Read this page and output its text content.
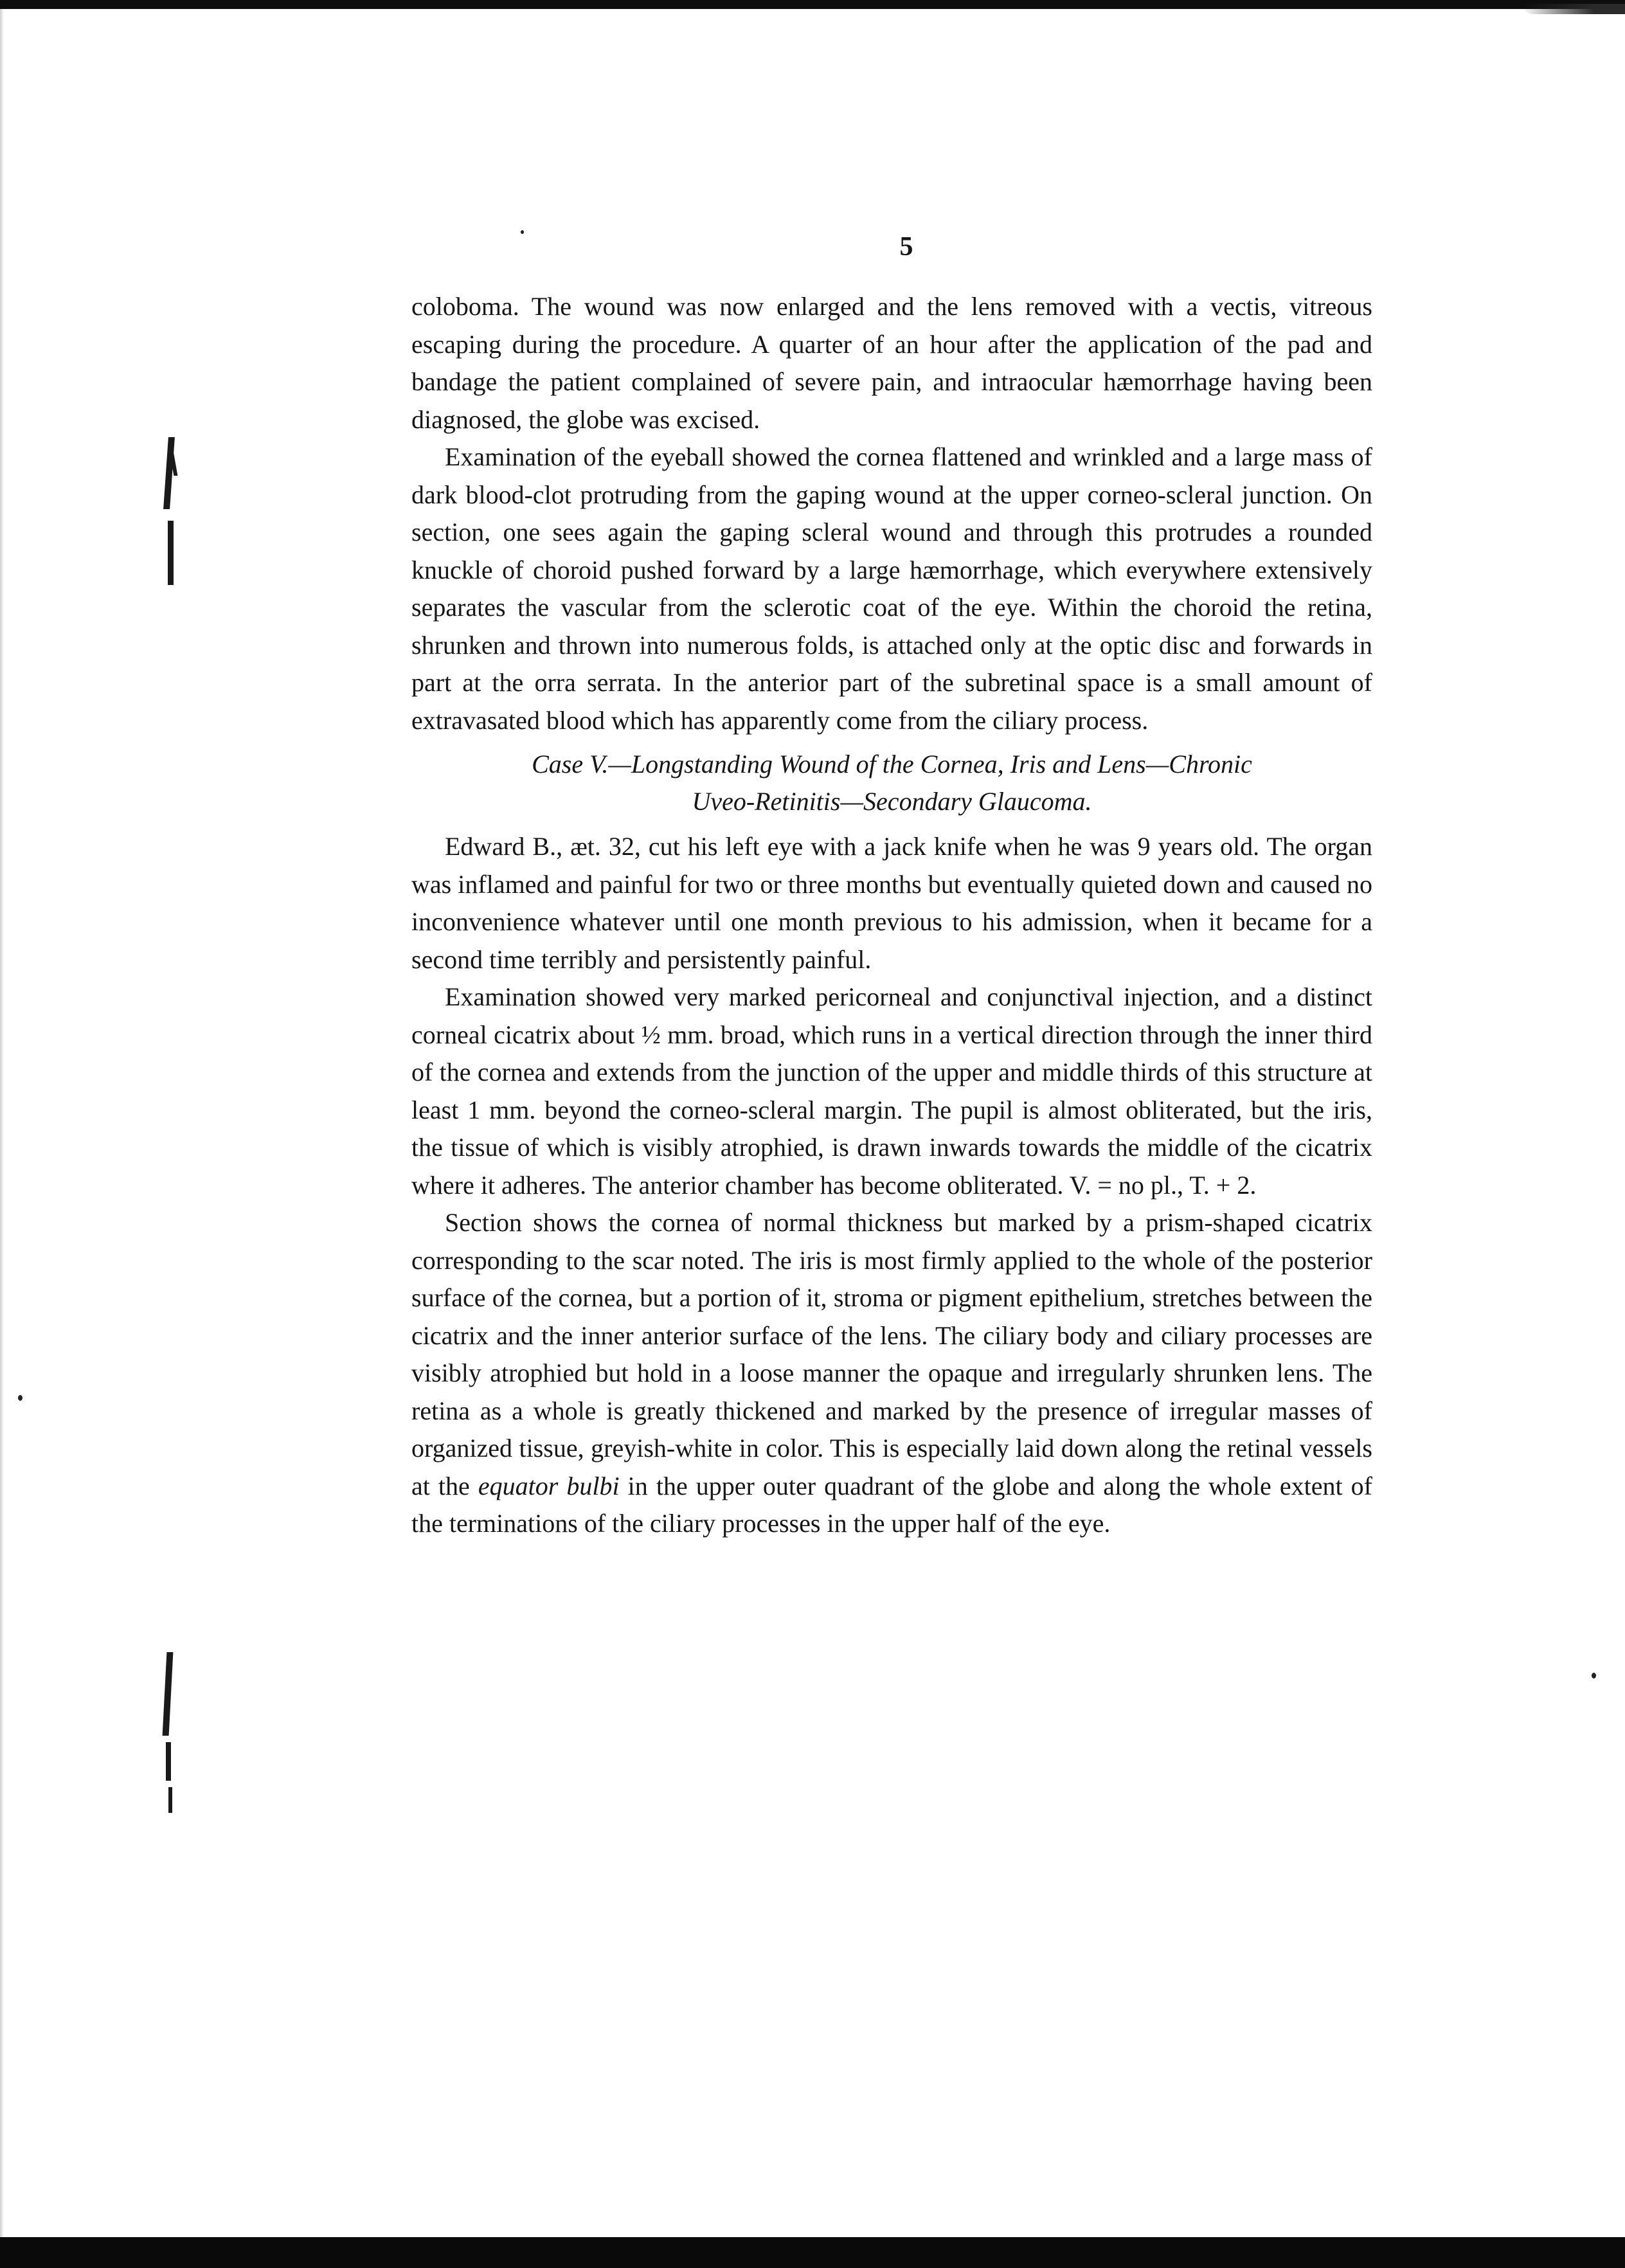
5

coloboma. The wound was now enlarged and the lens removed with a vectis, vitreous escaping during the procedure. A quarter of an hour after the application of the pad and bandage the patient complained of severe pain, and intraocular hæmorrhage having been diagnosed, the globe was excised.

Examination of the eyeball showed the cornea flattened and wrinkled and a large mass of dark blood-clot protruding from the gaping wound at the upper corneo-scleral junction. On section, one sees again the gaping scleral wound and through this protrudes a rounded knuckle of choroid pushed forward by a large hæmorrhage, which everywhere extensively separates the vascular from the sclerotic coat of the eye. Within the choroid the retina, shrunken and thrown into numerous folds, is attached only at the optic disc and forwards in part at the orra serrata. In the anterior part of the subretinal space is a small amount of extravasated blood which has apparently come from the ciliary process.

Case V.—Longstanding Wound of the Cornea, Iris and Lens—Chronic
Uveo-Retinitis—Secondary Glaucoma.

Edward B., æt. 32, cut his left eye with a jack knife when he was 9 years old. The organ was inflamed and painful for two or three months but eventually quieted down and caused no inconvenience whatever until one month previous to his admission, when it became for a second time terribly and persistently painful.

Examination showed very marked pericorneal and conjunctival injection, and a distinct corneal cicatrix about ½ mm. broad, which runs in a vertical direction through the inner third of the cornea and extends from the junction of the upper and middle thirds of this structure at least 1 mm. beyond the corneo-scleral margin. The pupil is almost obliterated, but the iris, the tissue of which is visibly atrophied, is drawn inwards towards the middle of the cicatrix where it adheres. The anterior chamber has become obliterated. V. = no pl., T. + 2.

Section shows the cornea of normal thickness but marked by a prism-shaped cicatrix corresponding to the scar noted. The iris is most firmly applied to the whole of the posterior surface of the cornea, but a portion of it, stroma or pigment epithelium, stretches between the cicatrix and the inner anterior surface of the lens. The ciliary body and ciliary processes are visibly atrophied but hold in a loose manner the opaque and irregularly shrunken lens. The retina as a whole is greatly thickened and marked by the presence of irregular masses of organized tissue, greyish-white in color. This is especially laid down along the retinal vessels at the equator bulbi in the upper outer quadrant of the globe and along the whole extent of the terminations of the ciliary processes in the upper half of the eye.
